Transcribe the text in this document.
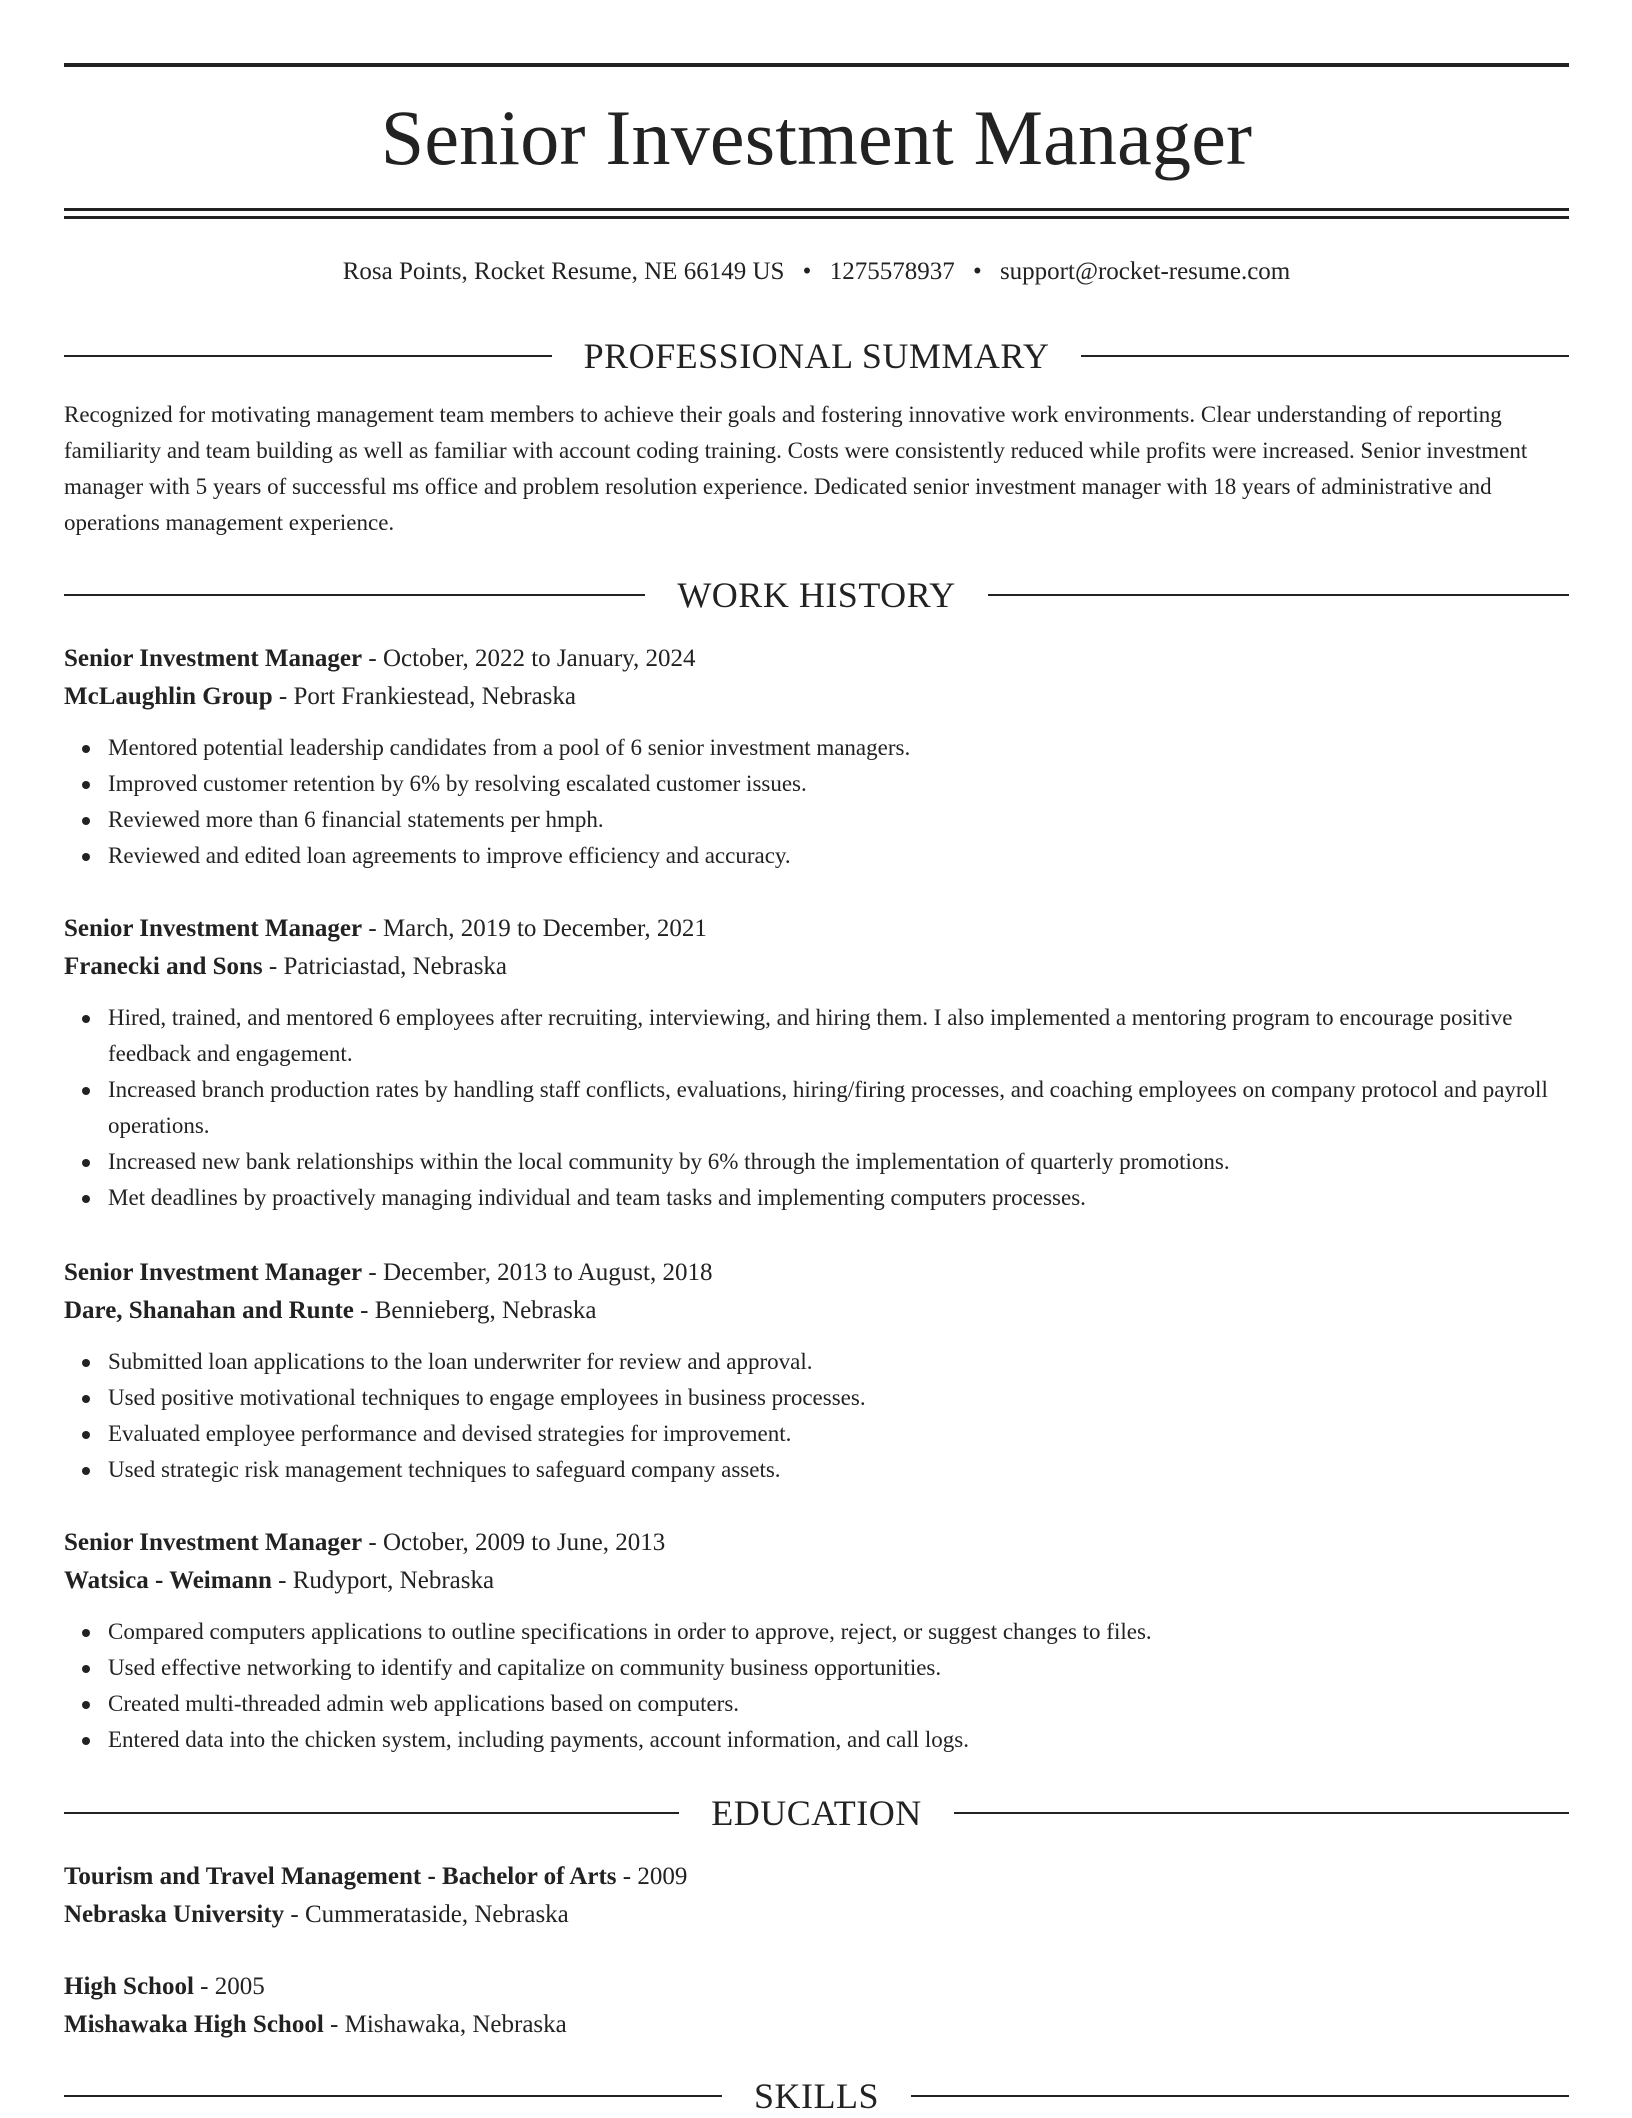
Senior Investment Manager
Rosa Points, Rocket Resume, NE 66149 US • 1275578937 • support@rocket-resume.com
PROFESSIONAL SUMMARY

Recognized for motivating management team members to achieve their goals and fostering innovative work environments. Clear understanding of reporting familiarity and team building as well as familiar with account coding training. Costs were consistently reduced while profits were increased. Senior investment manager with 5 years of successful ms office and problem resolution experience. Dedicated senior investment manager with 18 years of administrative and operations management experience.

WORK HISTORY
Senior Investment Manager - October, 2022 to January, 2024
McLaughlin Group - Port Frankiestead, Nebraska
Mentored potential leadership candidates from a pool of 6 senior investment managers.
Improved customer retention by 6% by resolving escalated customer issues.
Reviewed more than 6 financial statements per hmph.
Reviewed and edited loan agreements to improve efficiency and accuracy.
Senior Investment Manager - March, 2019 to December, 2021
Franecki and Sons - Patriciastad, Nebraska
Hired, trained, and mentored 6 employees after recruiting, interviewing, and hiring them. I also implemented a mentoring program to encourage positive feedback and engagement.
Increased branch production rates by handling staff conflicts, evaluations, hiring/firing processes, and coaching employees on company protocol and payroll operations.
Increased new bank relationships within the local community by 6% through the implementation of quarterly promotions.
Met deadlines by proactively managing individual and team tasks and implementing computers processes.
Senior Investment Manager - December, 2013 to August, 2018
Dare, Shanahan and Runte - Bennieberg, Nebraska
Submitted loan applications to the loan underwriter for review and approval.
Used positive motivational techniques to engage employees in business processes.
Evaluated employee performance and devised strategies for improvement.
Used strategic risk management techniques to safeguard company assets.
Senior Investment Manager - October, 2009 to June, 2013
Watsica - Weimann - Rudyport, Nebraska
Compared computers applications to outline specifications in order to approve, reject, or suggest changes to files.
Used effective networking to identify and capitalize on community business opportunities.
Created multi-threaded admin web applications based on computers.
Entered data into the chicken system, including payments, account information, and call logs.
EDUCATION
Tourism and Travel Management - Bachelor of Arts - 2009
Nebraska University - Cummerataside, Nebraska
High School - 2005
Mishawaka High School - Mishawaka, Nebraska
SKILLS
